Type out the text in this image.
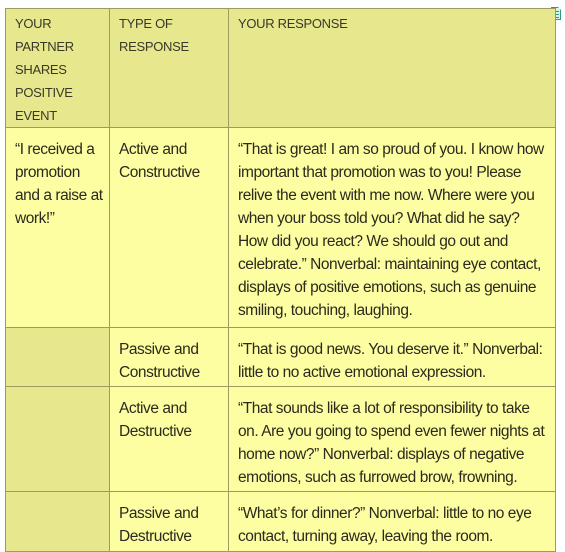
YOUR PARTNER SHARES POSITIVE EVENT	TYPE OF RESPONSE	YOUR RESPONSE
“I received a promotion and a raise at work!”	Active and Constructive	“That is great! I am so proud of you. I know how important that promotion was to you! Please relive the event with me now. Where were you when your boss told you? What did he say? How did you react? We should go out and celebrate.” Nonverbal: maintaining eye contact, displays of positive emotions, such as genuine smiling, touching, laughing.
	Passive and Constructive	“That is good news. You deserve it.” Nonverbal: little to no active emotional expression.
	Active and Destructive	“That sounds like a lot of responsibility to take on. Are you going to spend even fewer nights at home now?” Nonverbal: displays of negative emotions, such as furrowed brow, frowning.
	Passive and Destructive	“What’s for dinner?” Nonverbal: little to no eye contact, turning away, leaving the room.
